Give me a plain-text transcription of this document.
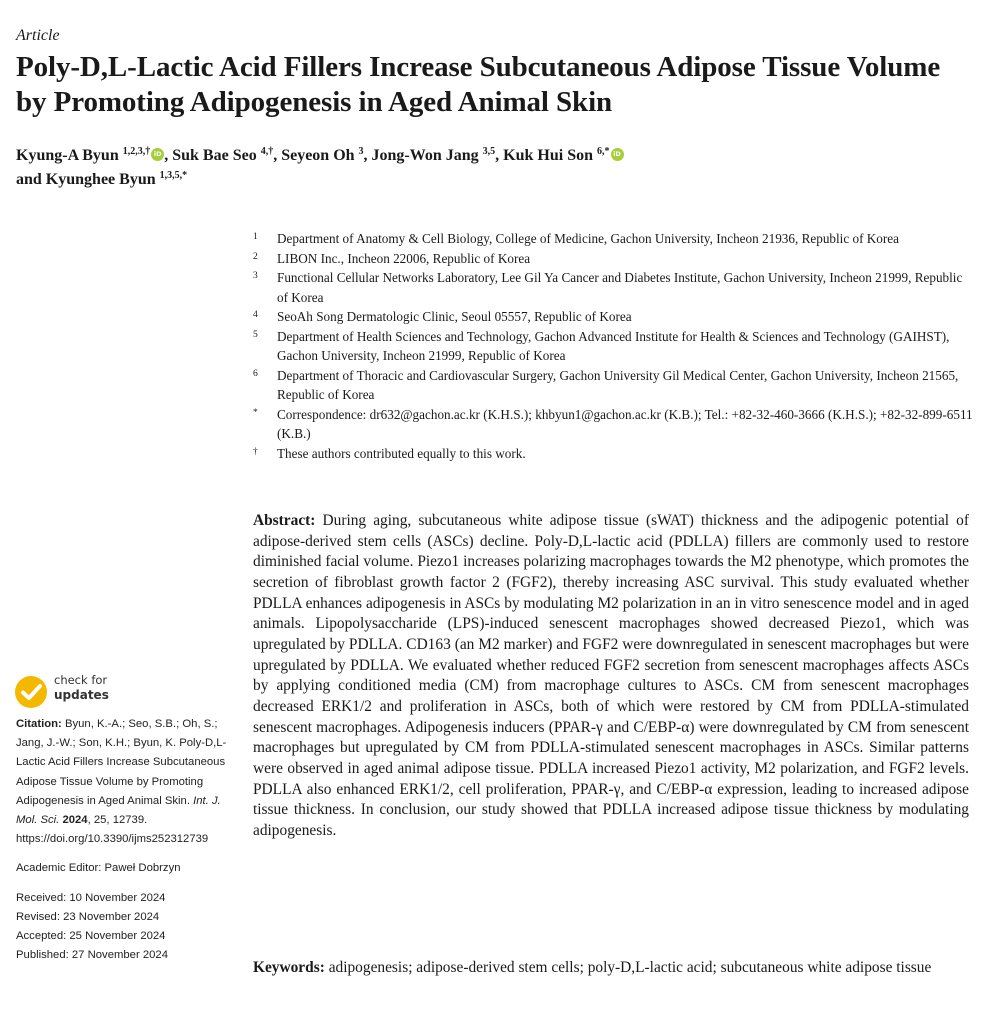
Article
Poly-D,L-Lactic Acid Fillers Increase Subcutaneous Adipose Tissue Volume by Promoting Adipogenesis in Aged Animal Skin
Kyung-A Byun $^{1,2,3,\dagger}$ iD , Suk Bae Seo $^{4,\dagger}$, Seyeon Oh $^3$, Jong-Won Jang $^{3,5}$, Kuk Hui Son $^{6,*}$ iD
and Kyunghee Byun $^{1,3,5,*}$
1 Department of Anatomy & Cell Biology, College of Medicine, Gachon University, Incheon 21936, Republic of Korea
2 LIBON Inc., Incheon 22006, Republic of Korea
3 Functional Cellular Networks Laboratory, Lee Gil Ya Cancer and Diabetes Institute, Gachon University, Incheon 21999, Republic of Korea
4 SeoAh Song Dermatologic Clinic, Seoul 05557, Republic of Korea
5 Department of Health Sciences and Technology, Gachon Advanced Institute for Health & Sciences and Technology (GAIHST), Gachon University, Incheon 21999, Republic of Korea
6 Department of Thoracic and Cardiovascular Surgery, Gachon University Gil Medical Center, Gachon University, Incheon 21565, Republic of Korea
* Correspondence: dr632@gachon.ac.kr (K.H.S.); khbyun1@gachon.ac.kr (K.B.); Tel.: +82-32-460-3666 (K.H.S.); +82-32-899-6511 (K.B.)
† These authors contributed equally to this work.

Abstract: During aging, subcutaneous white adipose tissue (sWAT) thickness and the adipogenic potential of adipose-derived stem cells (ASCs) decline. Poly-D,L-lactic acid (PDLLA) fillers are commonly used to restore diminished facial volume. Piezo1 increases polarizing macrophages towards the M2 phenotype, which promotes the secretion of fibroblast growth factor 2 (FGF2), thereby increasing ASC survival. This study evaluated whether PDLLA enhances adipogenesis in ASCs by modulating M2 polarization in an in vitro senescence model and in aged animals. Lipopolysaccharide (LPS)-induced senescent macrophages showed decreased Piezo1, which was upregulated by PDLLA. CD163 (an M2 marker) and FGF2 were downregulated in senescent macrophages but were upregulated by PDLLA. We evaluated whether reduced FGF2 secretion from senescent macrophages affects ASCs by applying conditioned media (CM) from macrophage cultures to ASCs. CM from senescent macrophages decreased ERK1/2 and proliferation in ASCs, both of which were restored by CM from PDLLA-stimulated senescent macrophages. Adipogenesis inducers (PPAR-γ and C/EBP-α) were downregulated by CM from senescent macrophages but upregulated by CM from PDLLA-stimulated senescent macrophages in ASCs. Similar patterns were observed in aged animal adipose tissue. PDLLA increased Piezo1 activity, M2 polarization, and FGF2 levels. PDLLA also enhanced ERK1/2, cell proliferation, PPAR-γ, and C/EBP-α expression, leading to increased adipose tissue thickness. In conclusion, our study showed that PDLLA increased adipose tissue thickness by modulating adipogenesis.

Keywords: adipogenesis; adipose-derived stem cells; poly-D,L-lactic acid; subcutaneous white adipose tissue

check for
updates

Citation: Byun, K.-A.; Seo, S.B.; Oh, S.; Jang, J.-W.; Son, K.H.; Byun, K. Poly-D,L-Lactic Acid Fillers Increase Subcutaneous Adipose Tissue Volume by Promoting Adipogenesis in Aged Animal Skin. Int. J. Mol. Sci. 2024, 25, 12739. https://doi.org/10.3390/ijms252312739

Academic Editor: Paweł Dobrzyn

Received: 10 November 2024
Revised: 23 November 2024
Accepted: 25 November 2024
Published: 27 November 2024
